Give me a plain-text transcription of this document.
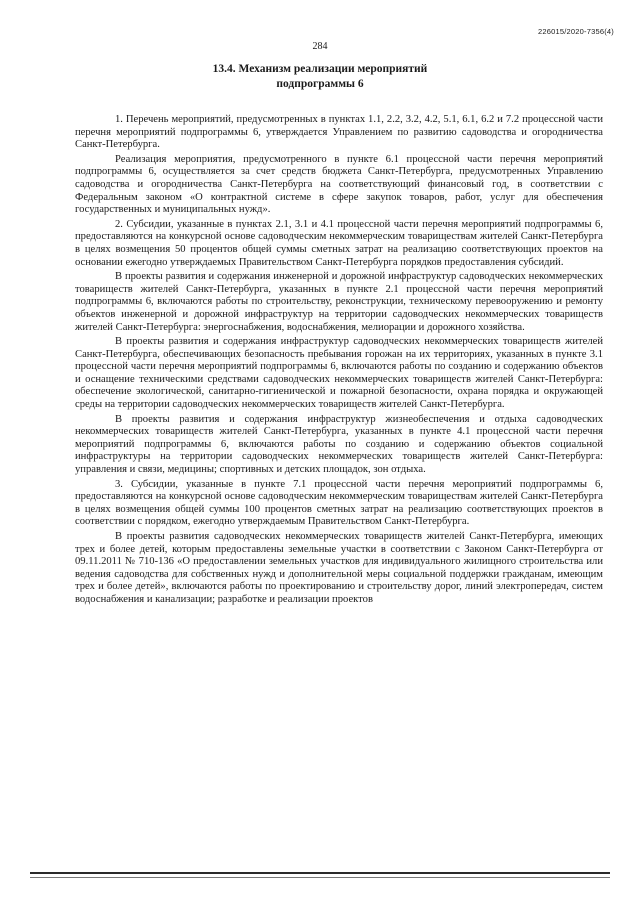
226015/2020-7356(4)
284
13.4. Механизм реализации мероприятий
подпрограммы 6

1. Перечень мероприятий, предусмотренных в пунктах 1.1, 2.2, 3.2, 4.2, 5.1, 6.1, 6.2 и 7.2 процессной части перечня мероприятий подпрограммы 6, утверждается Управлением по развитию садоводства и огородничества Санкт-Петербурга.

Реализация мероприятия, предусмотренного в пункте 6.1 процессной части перечня мероприятий подпрограммы 6, осуществляется за счет средств бюджета Санкт-Петербурга, предусмотренных Управлению садоводства и огородничества Санкт-Петербурга на соответствующий финансовый год, в соответствии с Федеральным законом «О контрактной системе в сфере закупок товаров, работ, услуг для обеспечения государственных и муниципальных нужд».

2. Субсидии, указанные в пунктах 2.1, 3.1 и 4.1 процессной части перечня мероприятий подпрограммы 6, предоставляются на конкурсной основе садоводческим некоммерческим товариществам жителей Санкт-Петербурга в целях возмещения 50 процентов общей суммы сметных затрат на реализацию соответствующих проектов на основании ежегодно утверждаемых Правительством Санкт-Петербурга порядков предоставления субсидий.

В проекты развития и содержания инженерной и дорожной инфраструктур садоводческих некоммерческих товариществ жителей Санкт-Петербурга, указанных в пункте 2.1 процессной части перечня мероприятий подпрограммы 6, включаются работы по строительству, реконструкции, техническому перевооружению и ремонту объектов инженерной и дорожной инфраструктур на территории садоводческих некоммерческих товариществ жителей Санкт-Петербурга: энергоснабжения, водоснабжения, мелиорации и дорожного хозяйства.

В проекты развития и содержания инфраструктур садоводческих некоммерческих товариществ жителей Санкт-Петербурга, обеспечивающих безопасность пребывания горожан на их территориях, указанных в пункте 3.1 процессной части перечня мероприятий подпрограммы 6, включаются работы по созданию и содержанию объектов и оснащение техническими средствами садоводческих некоммерческих товариществ жителей Санкт-Петербурга: обеспечение экологической, санитарно-гигиенической и пожарной безопасности, охрана порядка и окружающей среды на территории садоводческих некоммерческих товариществ жителей Санкт-Петербурга.

В проекты развития и содержания инфраструктур жизнеобеспечения и отдыха садоводческих некоммерческих товариществ жителей Санкт-Петербурга, указанных в пункте 4.1 процессной части перечня мероприятий подпрограммы 6, включаются работы по созданию и содержанию объектов социальной инфраструктуры на территории садоводческих некоммерческих товариществ жителей Санкт-Петербурга: управления и связи, медицины; спортивных и детских площадок, зон отдыха.

3. Субсидии, указанные в пункте 7.1 процессной части перечня мероприятий подпрограммы 6, предоставляются на конкурсной основе садоводческим некоммерческим товариществам жителей Санкт-Петербурга в целях возмещения общей суммы 100 процентов сметных затрат на реализацию соответствующих проектов в соответствии с порядком, ежегодно утверждаемым Правительством Санкт-Петербурга.

В проекты развития садоводческих некоммерческих товариществ жителей Санкт-Петербурга, имеющих трех и более детей, которым предоставлены земельные участки в соответствии с Законом Санкт-Петербурга от 09.11.2011 № 710-136 «О предоставлении земельных участков для индивидуального жилищного строительства или ведения садоводства для собственных нужд и дополнительной меры социальной поддержки гражданам, имеющим трех и более детей», включаются работы по проектированию и строительству дорог, линий электропередач, систем водоснабжения и канализации; разработке и реализации проектов
